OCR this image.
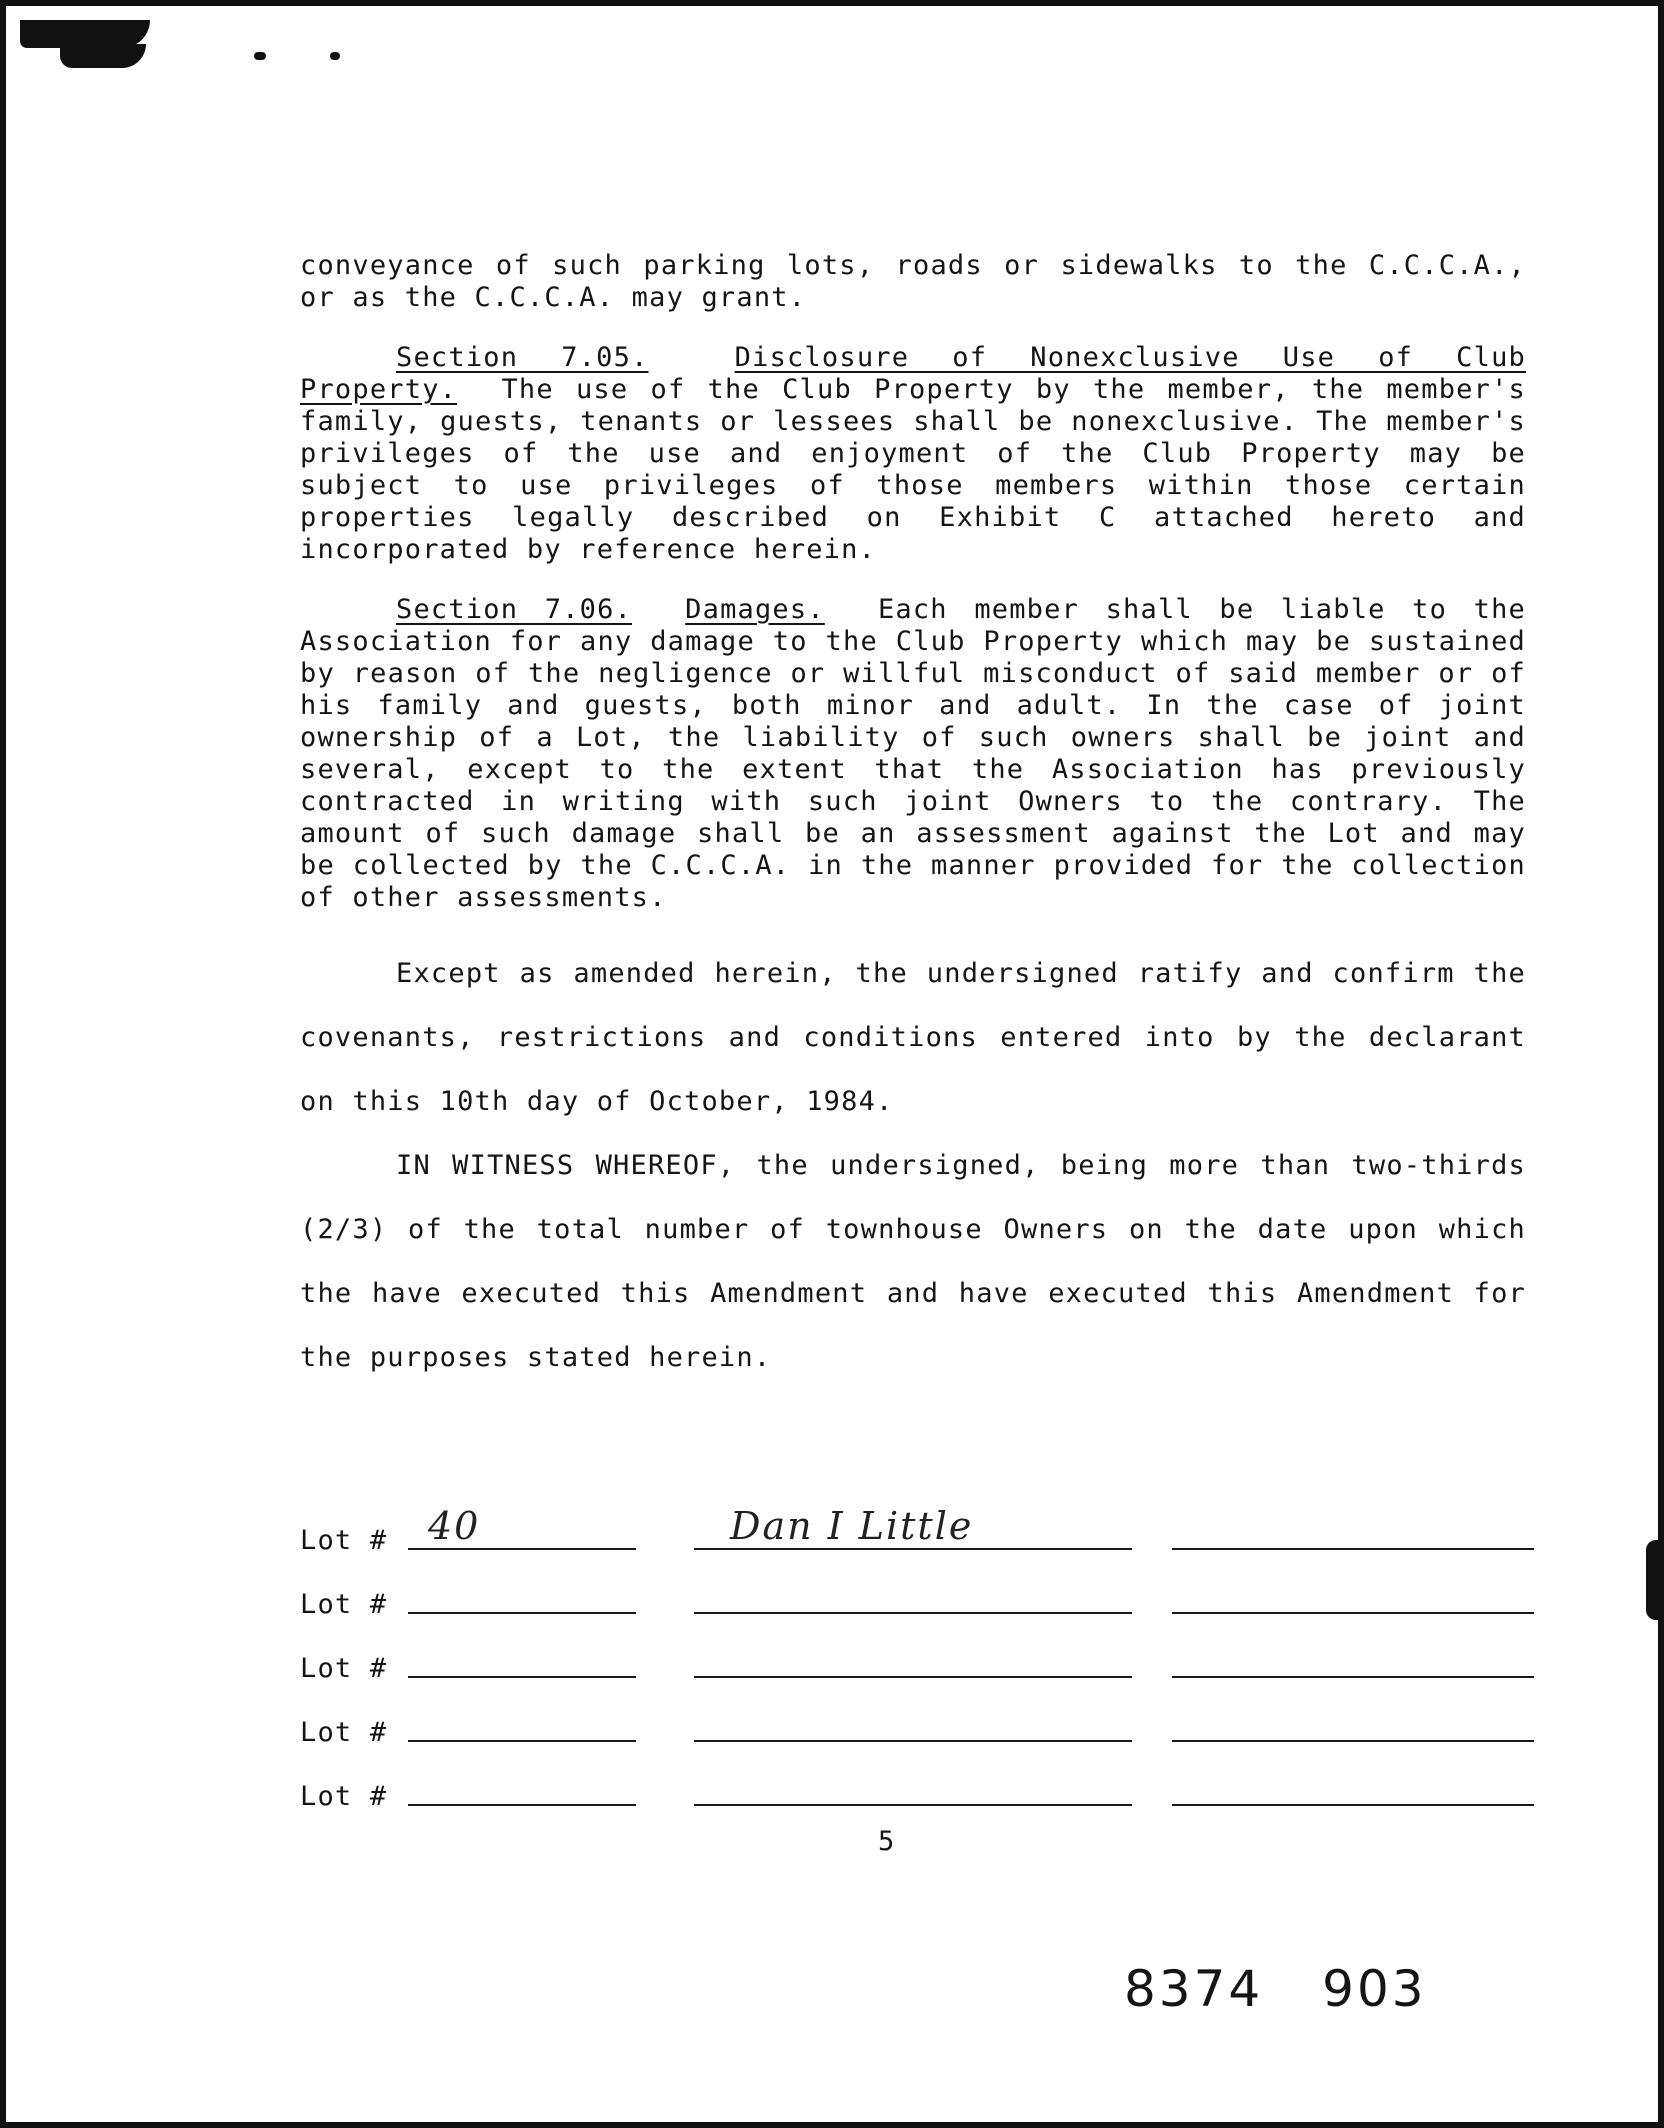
conveyance of such parking lots, roads or sidewalks to the C.C.C.A., or as the C.C.C.A. may grant.

Section 7.05.	Disclosure of Nonexclusive Use of Club Property. The use of the Club Property by the member, the member's family, guests, tenants or lessees shall be nonexclusive. The member's privileges of the use and enjoyment of the Club Property may be subject to use privileges of those members within those certain properties legally described on Exhibit C attached hereto and incorporated by reference herein.

Section 7.06. Damages. Each member shall be liable to the Association for any damage to the Club Property which may be sustained by reason of the negligence or willful misconduct of said member or of his family and guests, both minor and adult. In the case of joint ownership of a Lot, the liability of such owners shall be joint and several, except to the extent that the Association has previously contracted in writing with such joint Owners to the contrary. The amount of such damage shall be an assessment against the Lot and may be collected by the C.C.C.A. in the manner provided for the collection of other assessments.

Except as amended herein, the undersigned ratify and confirm the covenants, restrictions and conditions entered into by the declarant on this 10th day of October, 1984.

IN WITNESS WHEREOF, the undersigned, being more than two-thirds (2/3) of the total number of townhouse Owners on the date upon which the have executed this Amendment and have executed this Amendment for the purposes stated herein.

Lot # 40	Dan I Little
Lot #
Lot #
Lot #
Lot #
5
8374 903
